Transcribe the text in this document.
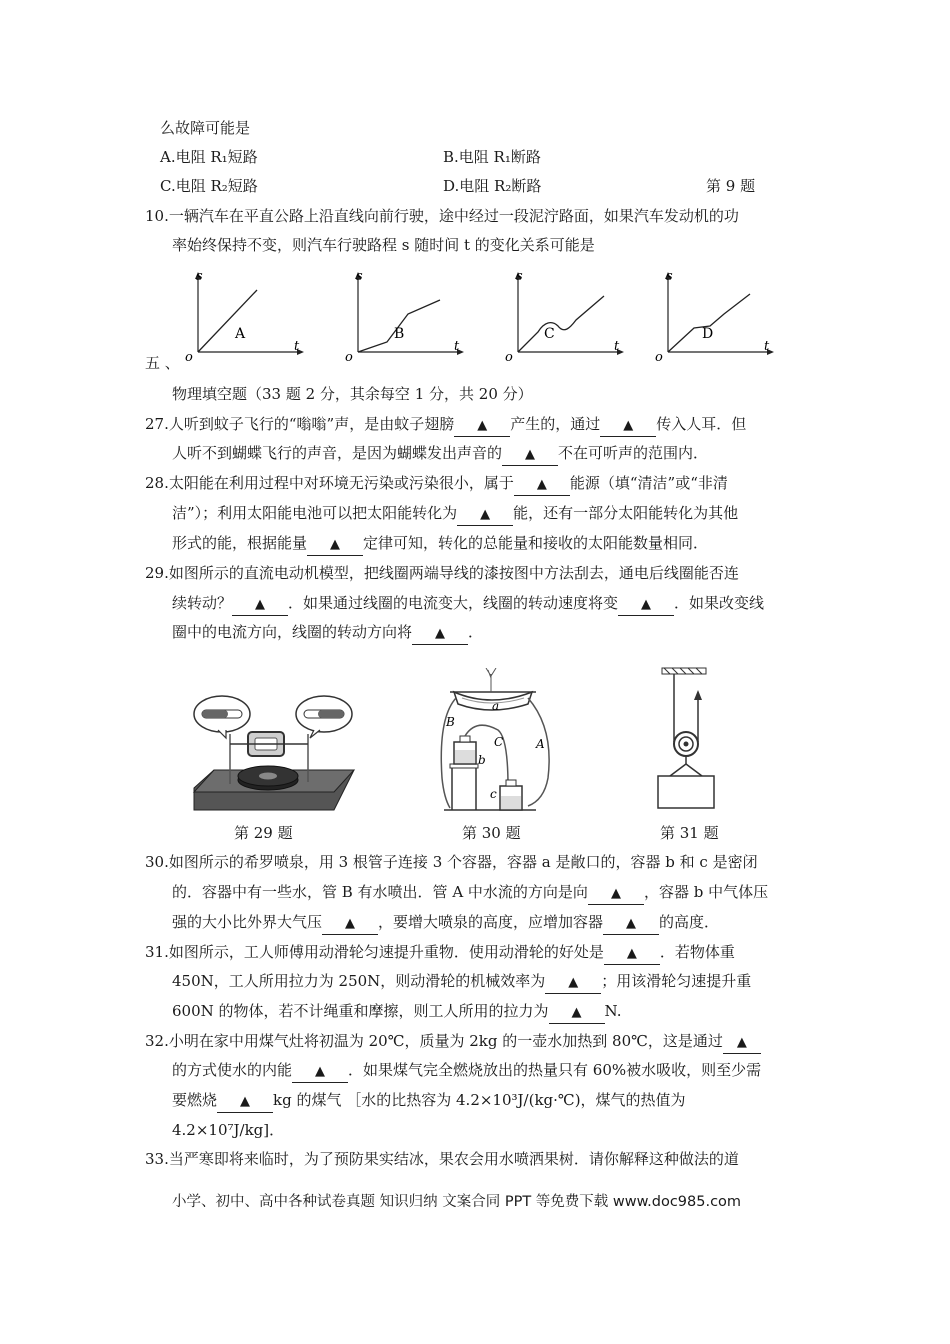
么故障可能是
A.电阻 R₁短路	B.电阻 R₁断路
C.电阻 R₂短路	D.电阻 R₂断路	第 9 题
10.一辆汽车在平直公路上沿直线向前行驶，途中经过一段泥泞路面，如果汽车发动机的功
率始终保持不变，则汽车行驶路程 s 随时间 t 的变化关系可能是
s
t
o
A
s
t
o
B
s
t
o
C
s
t
o
D
五 、
物理填空题（33 题 2 分，其余每空 1 分，共 20 分）
27.人听到蚊子飞行的“嗡嗡”声，是由蚊子翅膀 ▲ 产生的，通过 ▲ 传入人耳．但
人听不到蝴蝶飞行的声音，是因为蝴蝶发出声音的 ▲ 不在可听声的范围内．
28.太阳能在利用过程中对环境无污染或污染很小，属于 ▲ 能源（填“清洁”或“非清
洁”）；利用太阳能电池可以把太阳能转化为 ▲ 能，还有一部分太阳能转化为其他
形式的能，根据能量 ▲ 定律可知，转化的总能量和接收的太阳能数量相同．
29.如图所示的直流电动机模型，把线圈两端导线的漆按图中方法刮去，通电后线圈能否连
续转动？ ▲ ．如果通过线圈的电流变大，线圈的转动速度将变 ▲ ．如果改变线
圈中的电流方向，线圈的转动方向将 ▲ ．
a
B
C	A
b
c
第 29 题	第 30 题	第 31 题
30.如图所示的希罗喷泉，用 3 根管子连接 3 个容器，容器 a 是敞口的，容器 b 和 c 是密闭
的．容器中有一些水，管 B 有水喷出．管 A 中水流的方向是向 ▲ ，容器 b 中气体压
强的大小比外界大气压 ▲ ，要增大喷泉的高度，应增加容器 ▲ 的高度．
31.如图所示，工人师傅用动滑轮匀速提升重物．使用动滑轮的好处是 ▲ ．若物体重
450N，工人所用拉力为 250N，则动滑轮的机械效率为 ▲ ；用该滑轮匀速提升重
600N 的物体，若不计绳重和摩擦，则工人所用的拉力为 ▲ N.
32.小明在家中用煤气灶将初温为 20℃，质量为 2kg 的一壶水加热到 80℃，这是通过 ▲
的方式使水的内能 ▲ ．如果煤气完全燃烧放出的热量只有 60%被水吸收，则至少需
要燃烧 ▲ kg 的煤气 ［水的比热容为 4.2×10³J/(kg·℃)，煤气的热值为
4.2×10⁷J/kg]．
33.当严寒即将来临时，为了预防果实结冰，果农会用水喷洒果树．请你解释这种做法的道
小学、初中、高中各种试卷真题 知识归纳 文案合同 PPT 等免费下载 www.doc985.com
